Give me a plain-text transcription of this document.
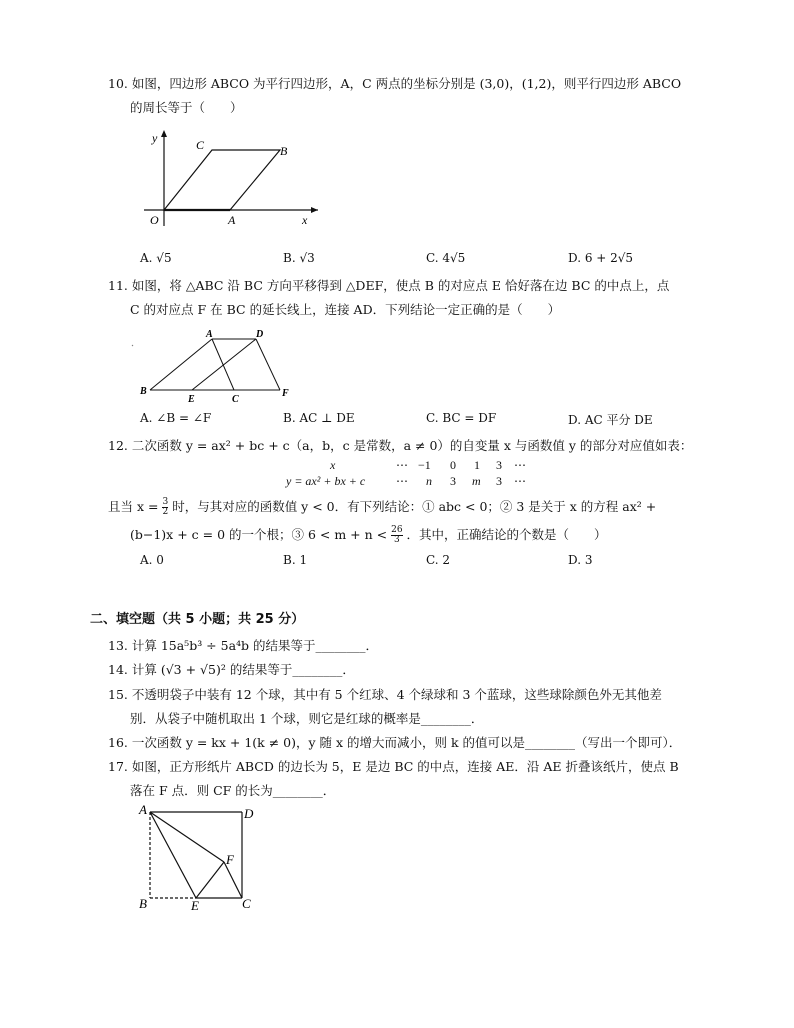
10. 如图，四边形 ABCO 为平行四边形，A，C 两点的坐标分别是 (3,0)，(1,2)，则平行四边形 ABCO
的周长等于（　　）
y
x
O	A
C	B
A. √5	B. √3	C. 4√5	D. 6 + 2√5
11. 如图，将 △ABC 沿 BC 方向平移得到 △DEF，使点 B 的对应点 E 恰好落在边 BC 的中点上，点
C 的对应点 F 在 BC 的延长线上，连接 AD．下列结论一定正确的是（　　）
A	D
B
E	C
F
A. ∠B = ∠F	B. AC ⊥ DE	C. BC = DF	D. AC 平分 DE
12. 二次函数 y = ax² + bc + c（a，b，c 是常数，a ≠ 0）的自变量 x 与函数值 y 的部分对应值如表：
x	⋯ −1 0 1 3 ⋯
y = ax² + bx + c	⋯ n 3 m 3 ⋯
且当 $x = \frac{3}{2}$ 时，与其对应的函数值 y < 0．有下列结论：① abc < 0；② 3 是关于 x 的方程 ax² +
(b−1)x + c = 0 的一个根；③ $6 < m + n < \frac{26}{3}$ ．其中，正确结论的个数是（　　）
A. 0	B. 1	C. 2	D. 3
二、填空题（共 5 小题；共 25 分）
13. 计算 15a⁵b³ ÷ 5a⁴b 的结果等于________．
14. 计算 (√3 + √5)² 的结果等于________．
15. 不透明袋子中装有 12 个球，其中有 5 个红球、4 个绿球和 3 个蓝球，这些球除颜色外无其他差
别．从袋子中随机取出 1 个球，则它是红球的概率是________．
16. 一次函数 y = kx + 1(k ≠ 0)，y 随 x 的增大而减小，则 k 的值可以是________（写出一个即可）．
17. 如图，正方形纸片 ABCD 的边长为 5，E 是边 BC 的中点，连接 AE．沿 AE 折叠该纸片，使点 B
落在 F 点．则 CF 的长为________．
A	D
B	C
E
F
